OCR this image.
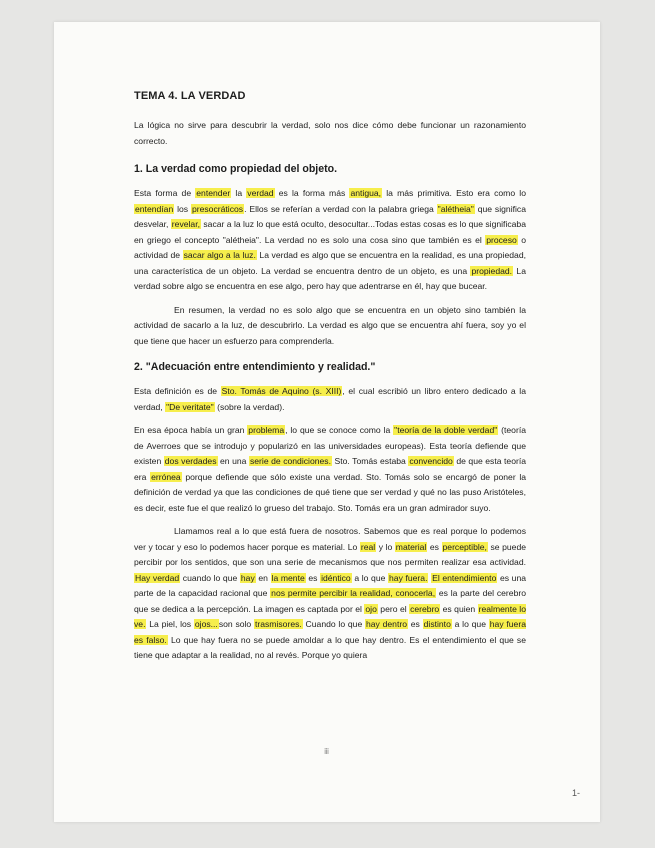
TEMA 4. LA VERDAD

La lógica no sirve para descubrir la verdad, solo nos dice cómo debe funcionar un razonamiento correcto.

1. La verdad como propiedad del objeto.

Esta forma de entender la verdad es la forma más antigua, la más primitiva. Esto era como lo entendían los presocráticos. Ellos se referían a verdad con la palabra griega "alétheia" que significa desvelar, revelar, sacar a la luz lo que está oculto, desocultar...Todas estas cosas es lo que significaba en griego el concepto "alétheia". La verdad no es solo una cosa sino que también es el proceso o actividad de sacar algo a la luz. La verdad es algo que se encuentra en la realidad, es una propiedad, una característica de un objeto. La verdad se encuentra dentro de un objeto, es una propiedad. La verdad sobre algo se encuentra en ese algo, pero hay que adentrarse en él, hay que bucear.

En resumen, la verdad no es solo algo que se encuentra en un objeto sino también la actividad de sacarlo a la luz, de descubrirlo. La verdad es algo que se encuentra ahí fuera, soy yo el que tiene que hacer un esfuerzo para comprenderla.

2. "Adecuación entre entendimiento y realidad."

Esta definición es de Sto. Tomás de Aquino (s. XIII), el cual escribió un libro entero dedicado a la verdad, "De veritate" (sobre la verdad).

En esa época había un gran problema, lo que se conoce como la "teoría de la doble verdad" (teoría de Averroes que se introdujo y popularizó en las universidades europeas). Esta teoría defiende que existen dos verdades en una serie de condiciones. Sto. Tomás estaba convencido de que esta teoría era errónea porque defiende que sólo existe una verdad. Sto. Tomás solo se encargó de poner la definición de verdad ya que las condiciones de qué tiene que ser verdad y qué no las puso Aristóteles, es decir, este fue el que realizó lo grueso del trabajo. Sto. Tomás era un gran admirador suyo.

Llamamos real a lo que está fuera de nosotros. Sabemos que es real porque lo podemos ver y tocar y eso lo podemos hacer porque es material. Lo real y lo material es perceptible, se puede percibir por los sentidos, que son una serie de mecanismos que nos permiten realizar esa actividad. Hay verdad cuando lo que hay en la mente es idéntico a lo que hay fuera. El entendimiento es una parte de la capacidad racional que nos permite percibir la realidad, conocerla, es la parte del cerebro que se dedica a la percepción. La imagen es captada por el ojo pero el cerebro es quien realmente lo ve. La piel, los ojos...son solo trasmisores. Cuando lo que hay dentro es distinto a lo que hay fuera es falso. Lo que hay fuera no se puede amoldar a lo que hay dentro. Es el entendimiento el que se tiene que adaptar a la realidad, no al revés. Porque yo quiera

ⅲ
1-
